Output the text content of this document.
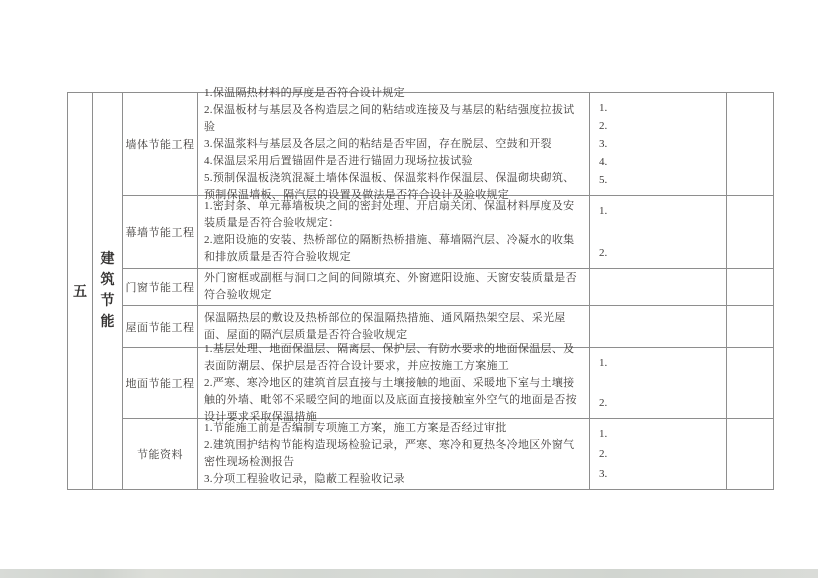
五
建
筑
节
能
墙体节能工程
1.保温隔热材料的厚度是否符合设计规定
2.保温板材与基层及各构造层之间的粘结或连接及与基层的粘结强度拉拔试验
3.保温浆料与基层及各层之间的粘结是否牢固，存在脱层、空鼓和开裂
4.保温层采用后置锚固件是否进行锚固力现场拉拔试验
5.预制保温板浇筑混凝土墙体保温板、保温浆料作保温层、保温砌块砌筑、预制保温墙板、隔汽层的设置及做法是否符合设计及验收规定
1.
2.
3.
4.
5.
幕墙节能工程
1.密封条、单元幕墙板块之间的密封处理、开启扇关闭、保温材料厚度及安装质量是否符合验收规定：
2.遮阳设施的安装、热桥部位的隔断热桥措施、幕墙隔汽层、冷凝水的收集和排放质量是否符合验收规定
1.
2.
门窗节能工程
外门窗框或副框与洞口之间的间隙填充、外窗遮阳设施、天窗安装质量是否符合验收规定
屋面节能工程
保温隔热层的敷设及热桥部位的保温隔热措施、通风隔热架空层、采光屋面、屋面的隔汽层质量是否符合验收规定
地面节能工程
1.基层处理、地面保温层、隔离层、保护层、有防水要求的地面保温层、及表面防潮层、保护层是否符合设计要求，并应按施工方案施工
2.严寒、寒冷地区的建筑首层直接与土壤接触的地面、采暖地下室与土壤接触的外墙、毗邻不采暖空间的地面以及底面直接接触室外空气的地面是否按设计要求采取保温措施
1.
2.
节能资料
1.节能施工前是否编制专项施工方案，施工方案是否经过审批
2.建筑围护结构节能构造现场检验记录，严寒、寒冷和夏热冬冷地区外窗气密性现场检测报告
3.分项工程验收记录，隐蔽工程验收记录
1.
2.
3.
